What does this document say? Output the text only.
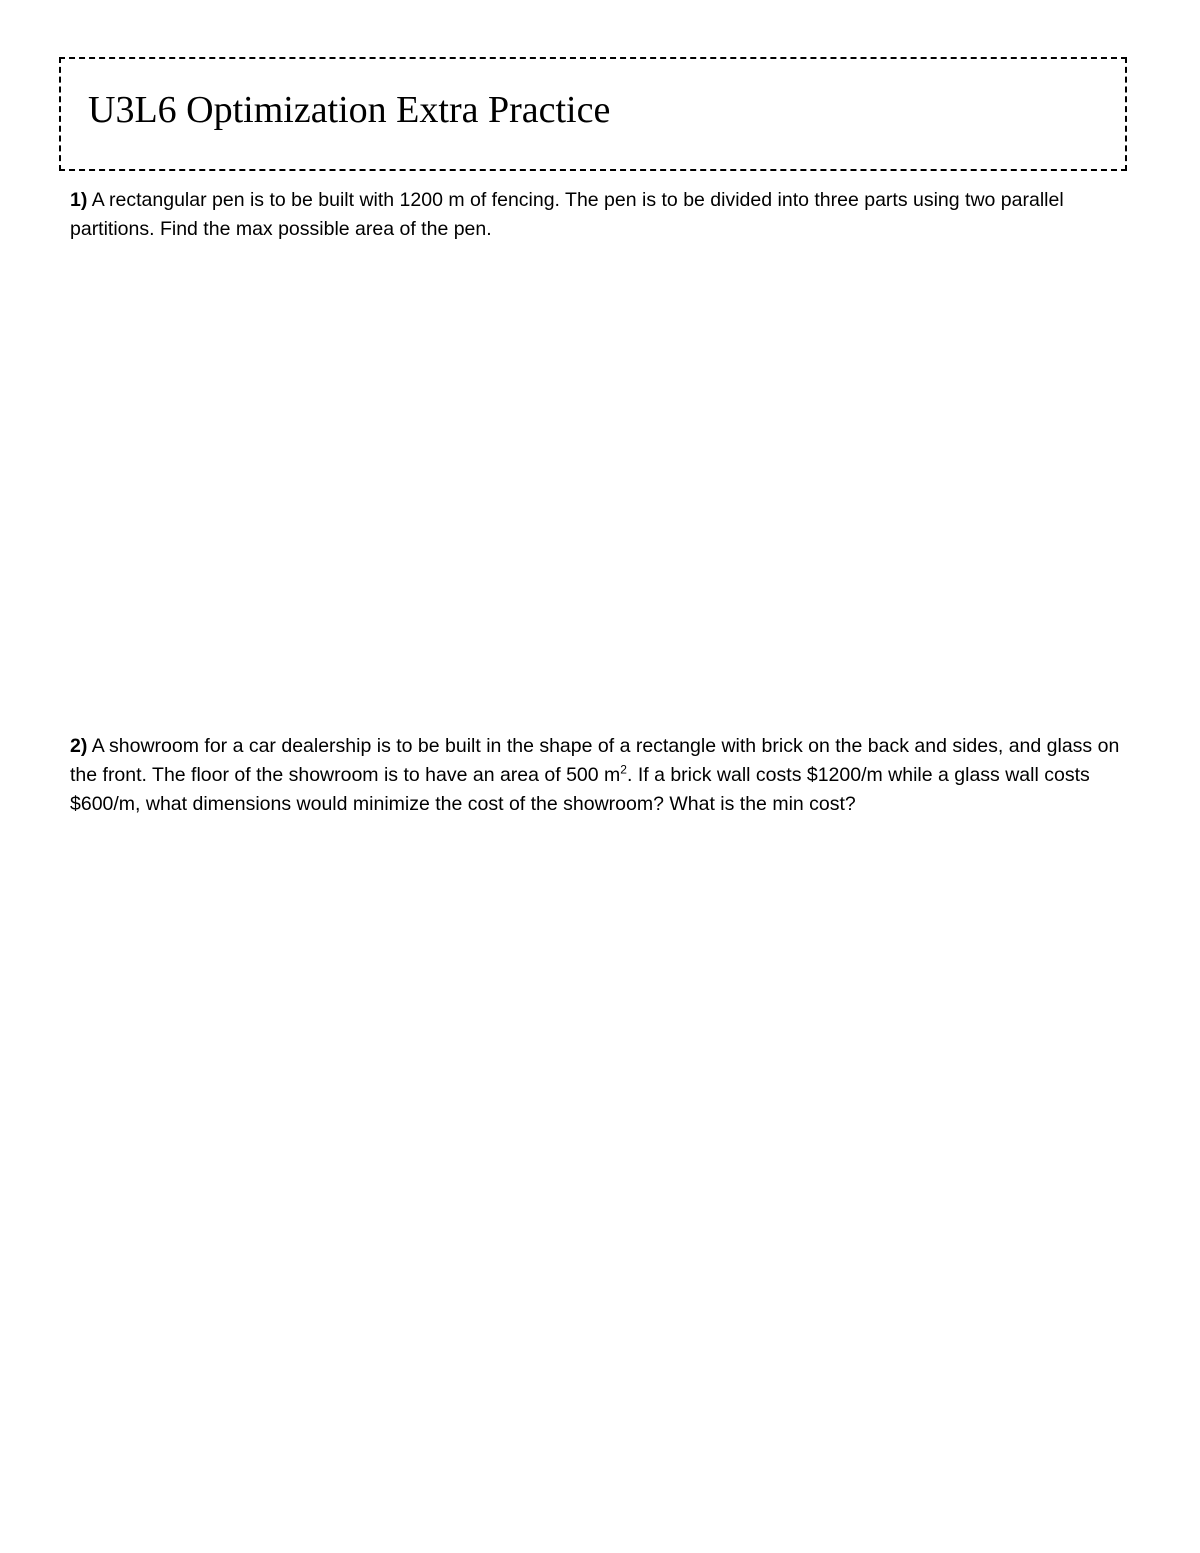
U3L6 Optimization Extra Practice

1) A rectangular pen is to be built with 1200 m of fencing. The pen is to be divided into three parts using two parallel partitions. Find the max possible area of the pen.

2) A showroom for a car dealership is to be built in the shape of a rectangle with brick on the back and sides, and glass on the front. The floor of the showroom is to have an area of 500 $m^2$. If a brick wall costs $1200/m while a glass wall costs $600/m, what dimensions would minimize the cost of the showroom? What is the min cost?
